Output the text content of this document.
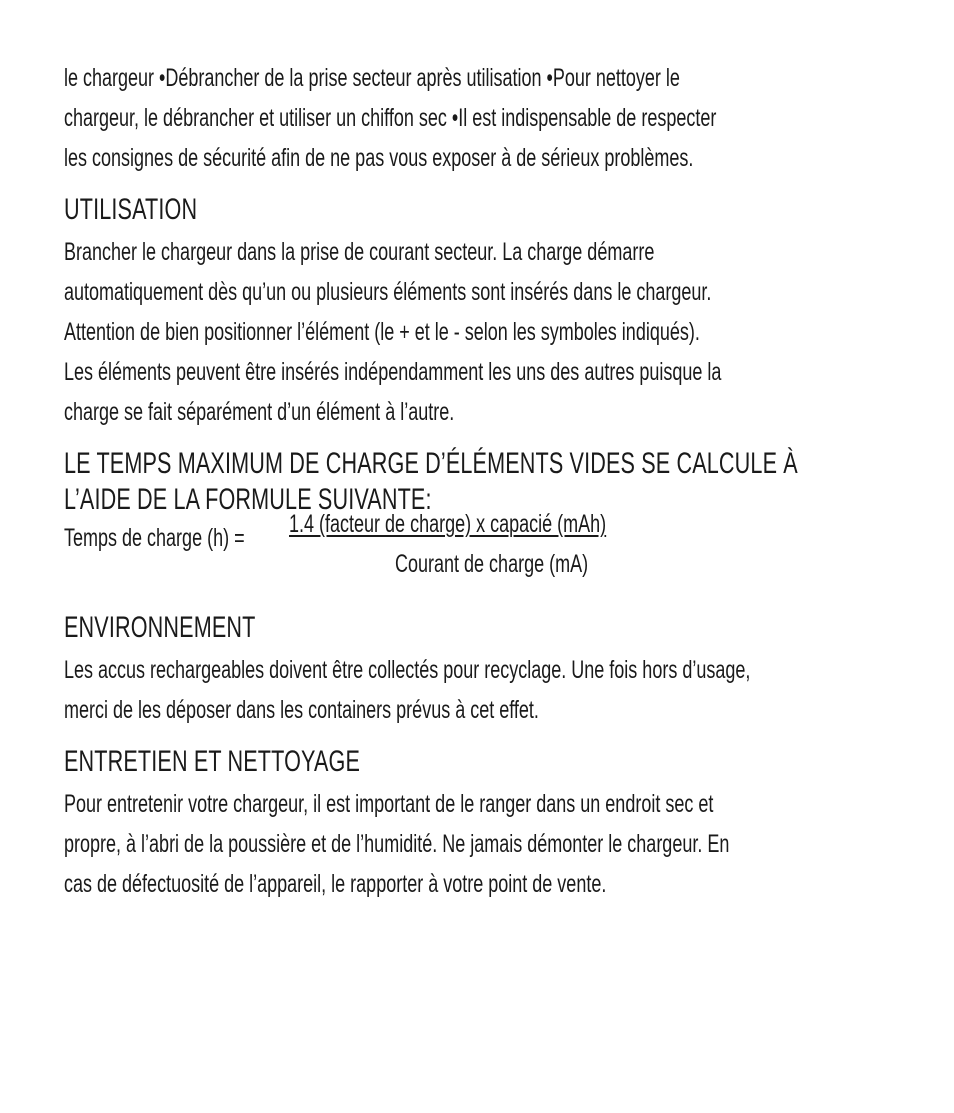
le chargeur •Débrancher de la prise secteur après utilisation •Pour nettoyer le
chargeur, le débrancher et utiliser un chiffon sec •Il est indispensable de respecter
les consignes de sécurité afin de ne pas vous exposer à de sérieux problèmes.
UTILISATION
Brancher le chargeur dans la prise de courant secteur. La charge démarre
automatiquement dès qu’un ou plusieurs éléments sont insérés dans le chargeur.
Attention de bien positionner l’élément (le + et le - selon les symboles indiqués).
Les éléments peuvent être insérés indépendamment les uns des autres puisque la
charge se fait séparément d’un élément à l’autre.
LE TEMPS MAXIMUM DE CHARGE D’ÉLÉMENTS VIDES SE CALCULE À
L’AIDE DE LA FORMULE SUIVANTE:
Temps de charge (h) = 1.4 (facteur de charge) x capacié (mAh)
Courant de charge (mA)
ENVIRONNEMENT
Les accus rechargeables doivent être collectés pour recyclage. Une fois hors d’usage,
merci de les déposer dans les containers prévus à cet effet.
ENTRETIEN ET NETTOYAGE
Pour entretenir votre chargeur, il est important de le ranger dans un endroit sec et
propre, à l’abri de la poussière et de l’humidité. Ne jamais démonter le chargeur. En
cas de défectuosité de l’appareil, le rapporter à votre point de vente.
